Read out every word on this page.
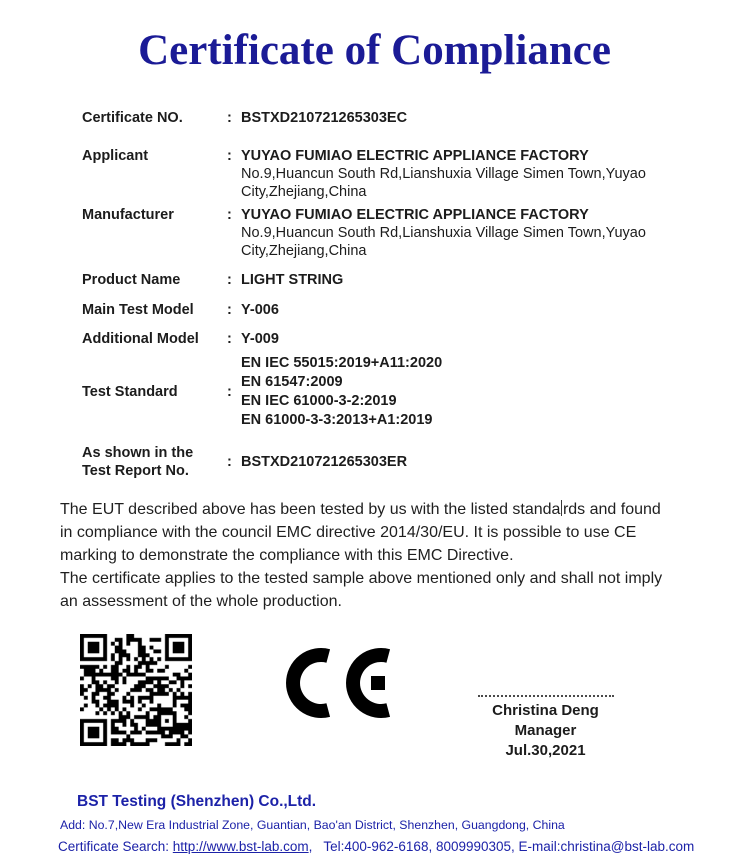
Certificate of Compliance
Certificate NO.	: BSTXD210721265303EC
Applicant	: YUYAO FUMIAO ELECTRIC APPLIANCE FACTORY
No.9,Huancun South Rd,Lianshuxia Village Simen Town,Yuyao City,Zhejiang,China
Manufacturer	: YUYAO FUMIAO ELECTRIC APPLIANCE FACTORY
No.9,Huancun South Rd,Lianshuxia Village Simen Town,Yuyao City,Zhejiang,China
Product Name	: LIGHT STRING
Main Test Model	: Y-006
Additional Model	: Y-009
Test Standard	:
EN IEC 55015:2019+A11:2020
EN 61547:2009
EN IEC 61000-3-2:2019
EN 61000-3-3:2013+A1:2019
As shown in the Test Report No.
: BSTXD210721265303ER
The EUT described above has been tested by us with the listed standa rds and found
in compliance with the council EMC directive 2014/30/EU. It is possible to use CE
marking to demonstrate the compliance with this EMC Directive.
The certificate applies to the tested sample above mentioned only and shall not imply
an assessment of the whole production.
Christina Deng
Manager
Jul.30,2021
BST Testing (Shenzhen) Co.,Ltd.
Add: No.7,New Era Industrial Zone, Guantian, Bao'an District, Shenzhen, Guangdong, China
Certificate Search: http://www.bst-lab.com,   Tel:400-962-6168, 8009990305, E-mail:christina@bst-lab.com
